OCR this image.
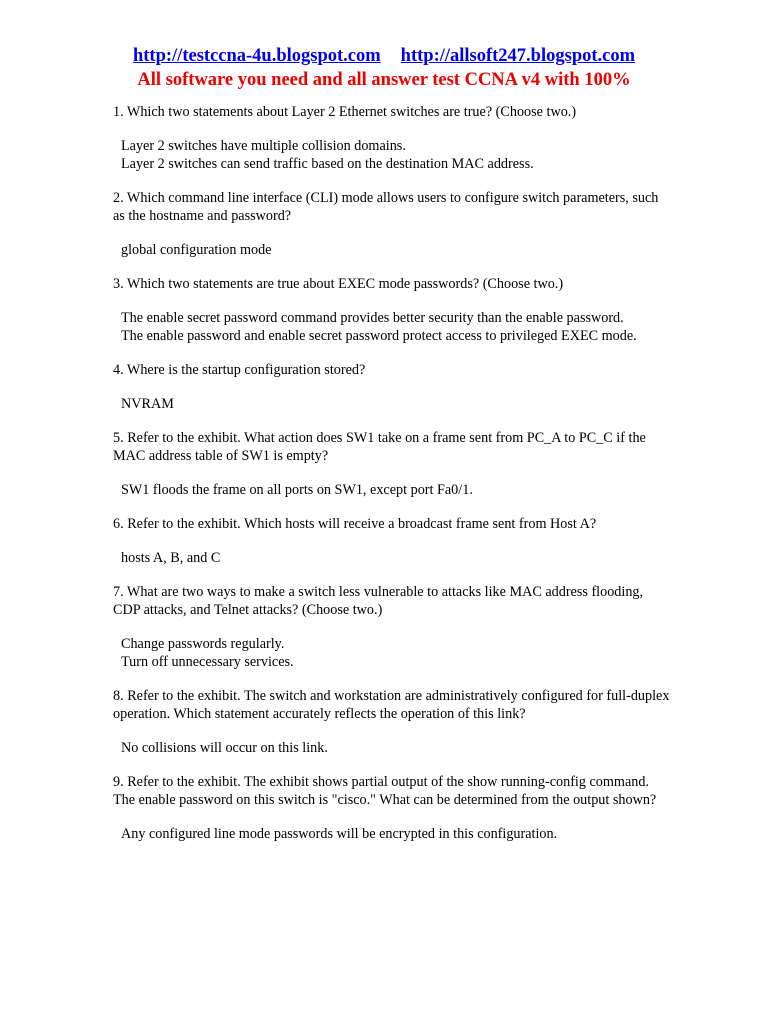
http://testccna-4u.blogspot.com http://allsoft247.blogspot.com
All software you need and all answer test CCNA v4 with 100%

1. Which two statements about Layer 2 Ethernet switches are true? (Choose two.)

Layer 2 switches have multiple collision domains.

Layer 2 switches can send traffic based on the destination MAC address.

2. Which command line interface (CLI) mode allows users to configure switch parameters, such as the hostname and password?

global configuration mode

3. Which two statements are true about EXEC mode passwords? (Choose two.)

The enable secret password command provides better security than the enable password.

The enable password and enable secret password protect access to privileged EXEC mode.

4. Where is the startup configuration stored?

NVRAM

5. Refer to the exhibit. What action does SW1 take on a frame sent from PC_A to PC_C if the MAC address table of SW1 is empty?

SW1 floods the frame on all ports on SW1, except port Fa0/1.

6. Refer to the exhibit. Which hosts will receive a broadcast frame sent from Host A?

hosts A, B, and C

7. What are two ways to make a switch less vulnerable to attacks like MAC address flooding, CDP attacks, and Telnet attacks? (Choose two.)

Change passwords regularly.

Turn off unnecessary services.

8. Refer to the exhibit. The switch and workstation are administratively configured for full-duplex operation. Which statement accurately reflects the operation of this link?

No collisions will occur on this link.

9. Refer to the exhibit. The exhibit shows partial output of the show running-config command. The enable password on this switch is "cisco." What can be determined from the output shown?

Any configured line mode passwords will be encrypted in this configuration.
